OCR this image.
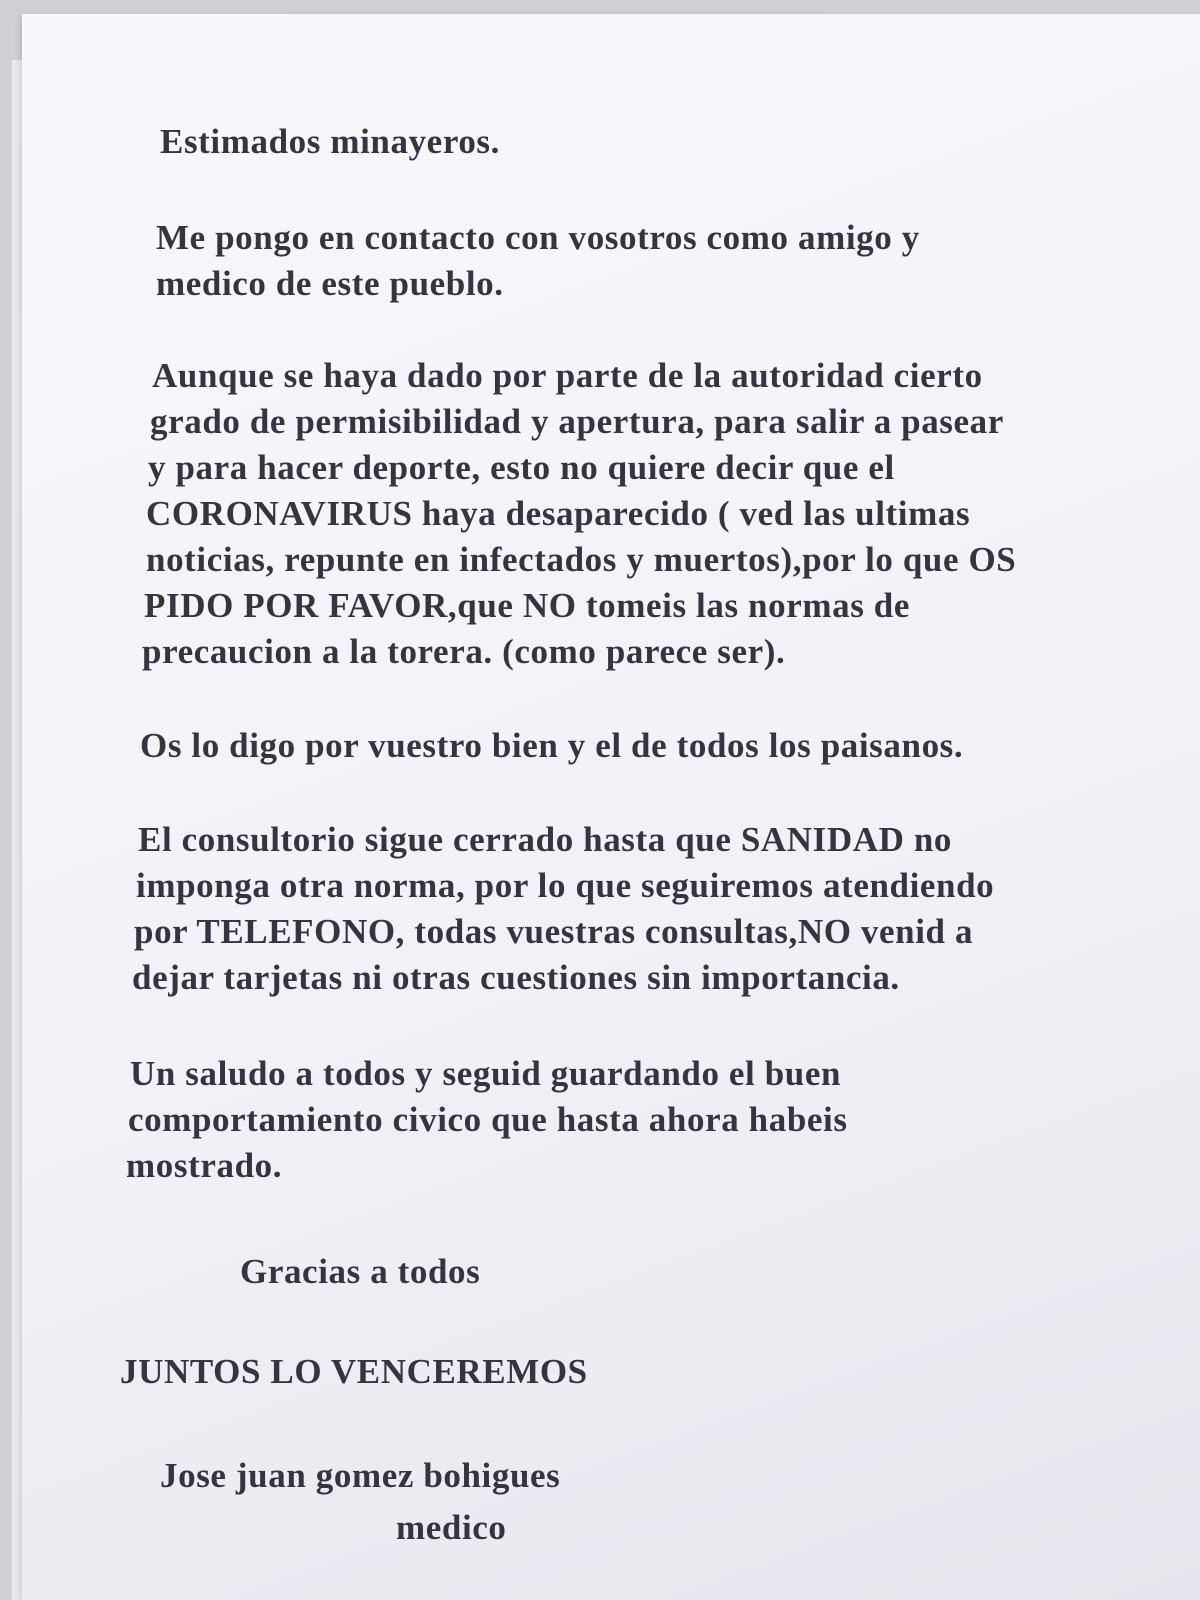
Estimados minayeros.
Me pongo en contacto con vosotros como amigo y
medico de este pueblo.
Aunque se haya dado por parte de la autoridad cierto
grado de permisibilidad y apertura, para salir a pasear
y para hacer deporte, esto no quiere decir que el
CORONAVIRUS haya desaparecido ( ved las ultimas
noticias, repunte en infectados y muertos),por lo que OS
PIDO POR FAVOR,que NO tomeis las normas de
precaucion a la torera. (como parece ser).
Os lo digo por vuestro bien y el de todos los paisanos.
El consultorio sigue cerrado hasta que SANIDAD no
imponga otra norma, por lo que seguiremos atendiendo
por TELEFONO, todas vuestras consultas,NO venid a
dejar tarjetas ni otras cuestiones sin importancia.
Un saludo a todos y seguid guardando el buen
comportamiento civico que hasta ahora habeis
mostrado.
Gracias a todos
JUNTOS LO VENCEREMOS
Jose juan gomez bohigues
medico
